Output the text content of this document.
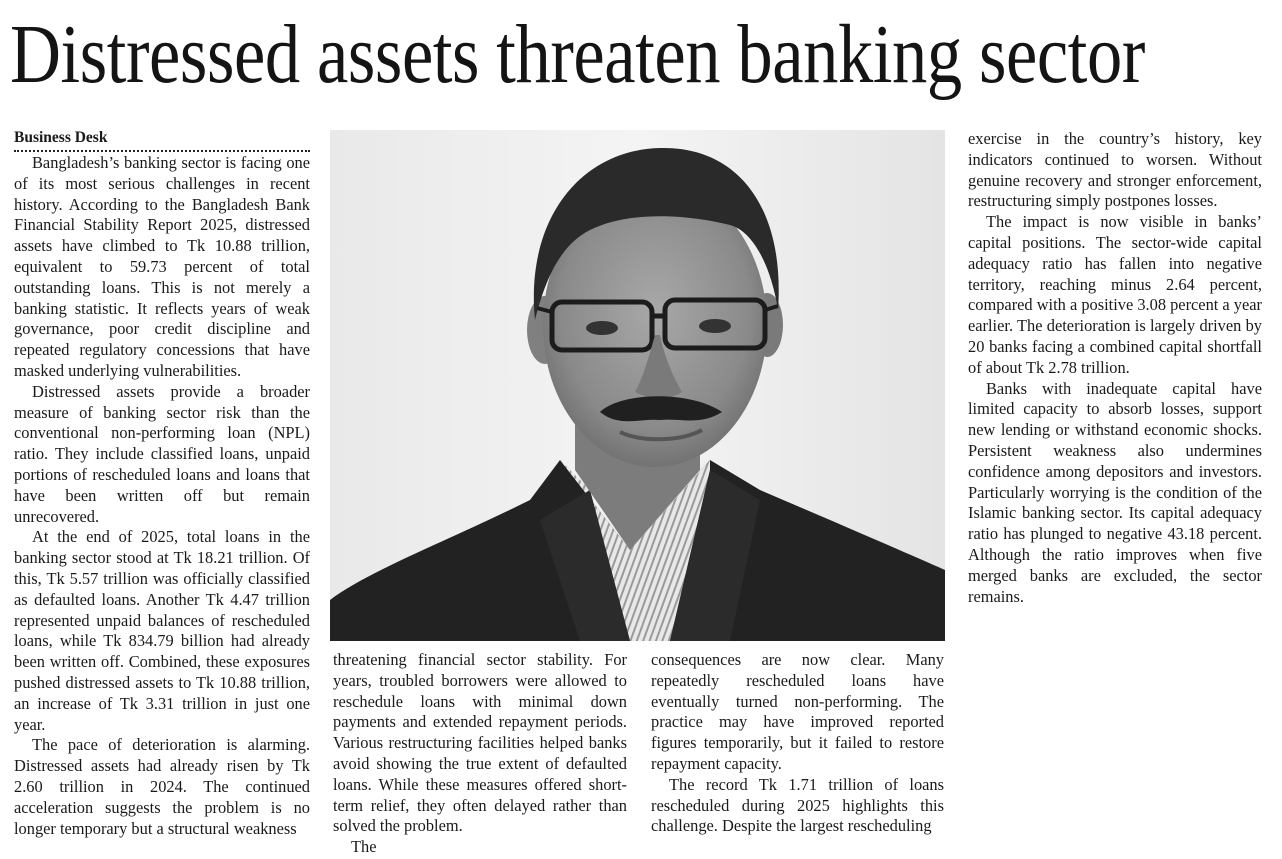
Distressed assets threaten banking sector
Business Desk

Bangladesh’s banking sector is facing one of its most serious challenges in recent history. According to the Bangladesh Bank Financial Stability Report 2025, distressed assets have climbed to Tk 10.88 trillion, equivalent to 59.73 percent of total outstanding loans. This is not merely a banking statistic. It reflects years of weak governance, poor credit discipline and repeated regulatory concessions that have masked underlying vulnerabilities.

Distressed assets provide a broader measure of banking sector risk than the conventional non-performing loan (NPL) ratio. They include classified loans, unpaid portions of rescheduled loans and loans that have been written off but remain unrecovered.

At the end of 2025, total loans in the banking sector stood at Tk 18.21 trillion. Of this, Tk 5.57 trillion was officially classified as defaulted loans. Another Tk 4.47 trillion represented unpaid balances of rescheduled loans, while Tk 834.79 billion had already been written off. Combined, these exposures pushed distressed assets to Tk 10.88 trillion, an increase of Tk 3.31 trillion in just one year.

The pace of deterioration is alarming. Distressed assets had already risen by Tk 2.60 trillion in 2024. The continued acceleration suggests the problem is no longer temporary but a structural weakness

threatening financial sector stability. For years, troubled borrowers were allowed to reschedule loans with minimal down payments and extended repayment periods. Various restructuring facilities helped banks avoid showing the true extent of defaulted loans. While these measures offered short-term relief, they often delayed rather than solved the problem.

The

consequences are now clear. Many repeatedly rescheduled loans have eventually turned non-performing. The practice may have improved reported figures temporarily, but it failed to restore repayment capacity.

The record Tk 1.71 trillion of loans rescheduled during 2025 highlights this challenge. Despite the largest rescheduling

exercise in the country’s history, key indicators continued to worsen. Without genuine recovery and stronger enforcement, restructuring simply postpones losses.

The impact is now visible in banks’ capital positions. The sector-wide capital adequacy ratio has fallen into negative territory, reaching minus 2.64 percent, compared with a positive 3.08 percent a year earlier. The deterioration is largely driven by 20 banks facing a combined capital shortfall of about Tk 2.78 trillion.

Banks with inadequate capital have limited capacity to absorb losses, support new lending or withstand economic shocks. Persistent weakness also undermines confidence among depositors and investors. Particularly worrying is the condition of the Islamic banking sector. Its capital adequacy ratio has plunged to negative 43.18 percent. Although the ratio improves when five merged banks are excluded, the sector remains.
